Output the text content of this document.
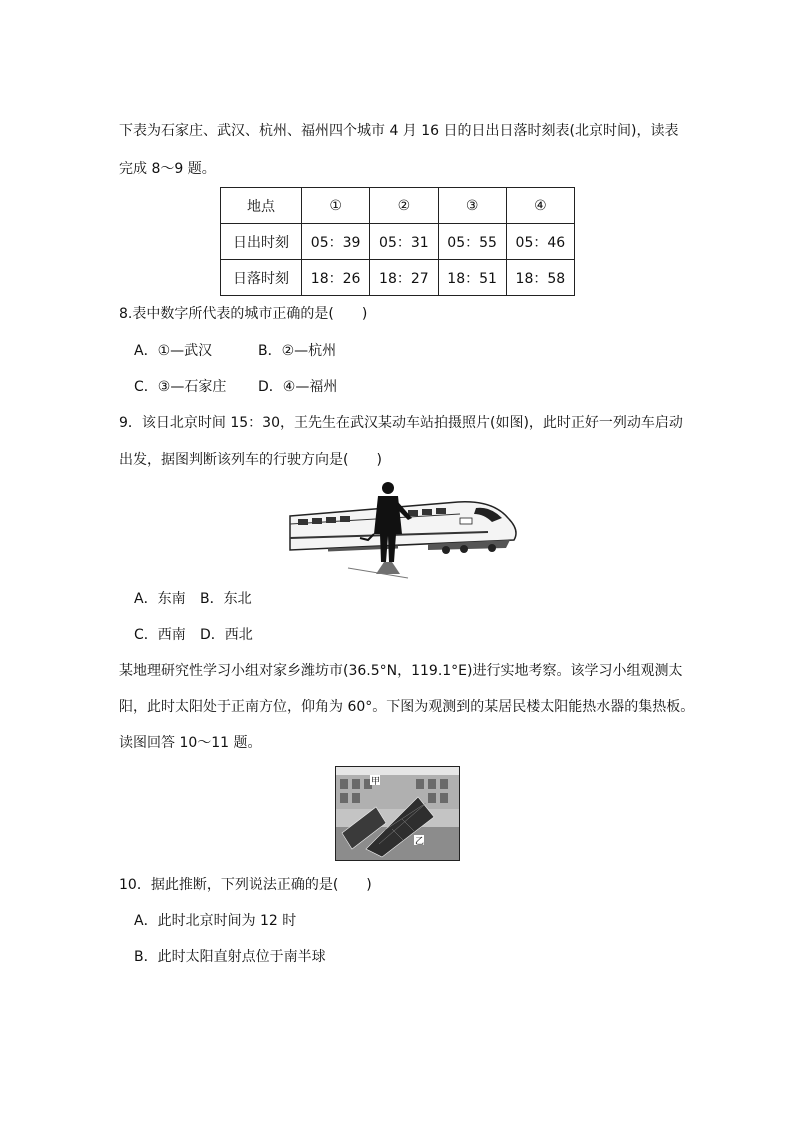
下表为石家庄、武汉、杭州、福州四个城市 4 月 16 日的日出日落时刻表(北京时间)，读表
完成 8～9 题。
地点	①	②	③	④
日出时刻	05：39	05：31	05：55	05：46
日落时刻	18：26	18：27	18：51	18：58
8.表中数字所代表的城市正确的是(　　)
A．①—武汉	B．②—杭州
C．③—石家庄 D．④—福州
9．该日北京时间 15：30，王先生在武汉某动车站拍摄照片(如图)，此时正好一列动车启动
出发，据图判断该列车的行驶方向是(　　)
A．东南 B．东北
C．西南 D．西北
某地理研究性学习小组对家乡潍坊市(36.5°N，119.1°E)进行实地考察。该学习小组观测太
阳，此时太阳处于正南方位，仰角为 60°。下图为观测到的某居民楼太阳能热水器的集热板。
读图回答 10～11 题。
甲
乙
10．据此推断，下列说法正确的是(　　)
A．此时北京时间为 12 时
B．此时太阳直射点位于南半球
